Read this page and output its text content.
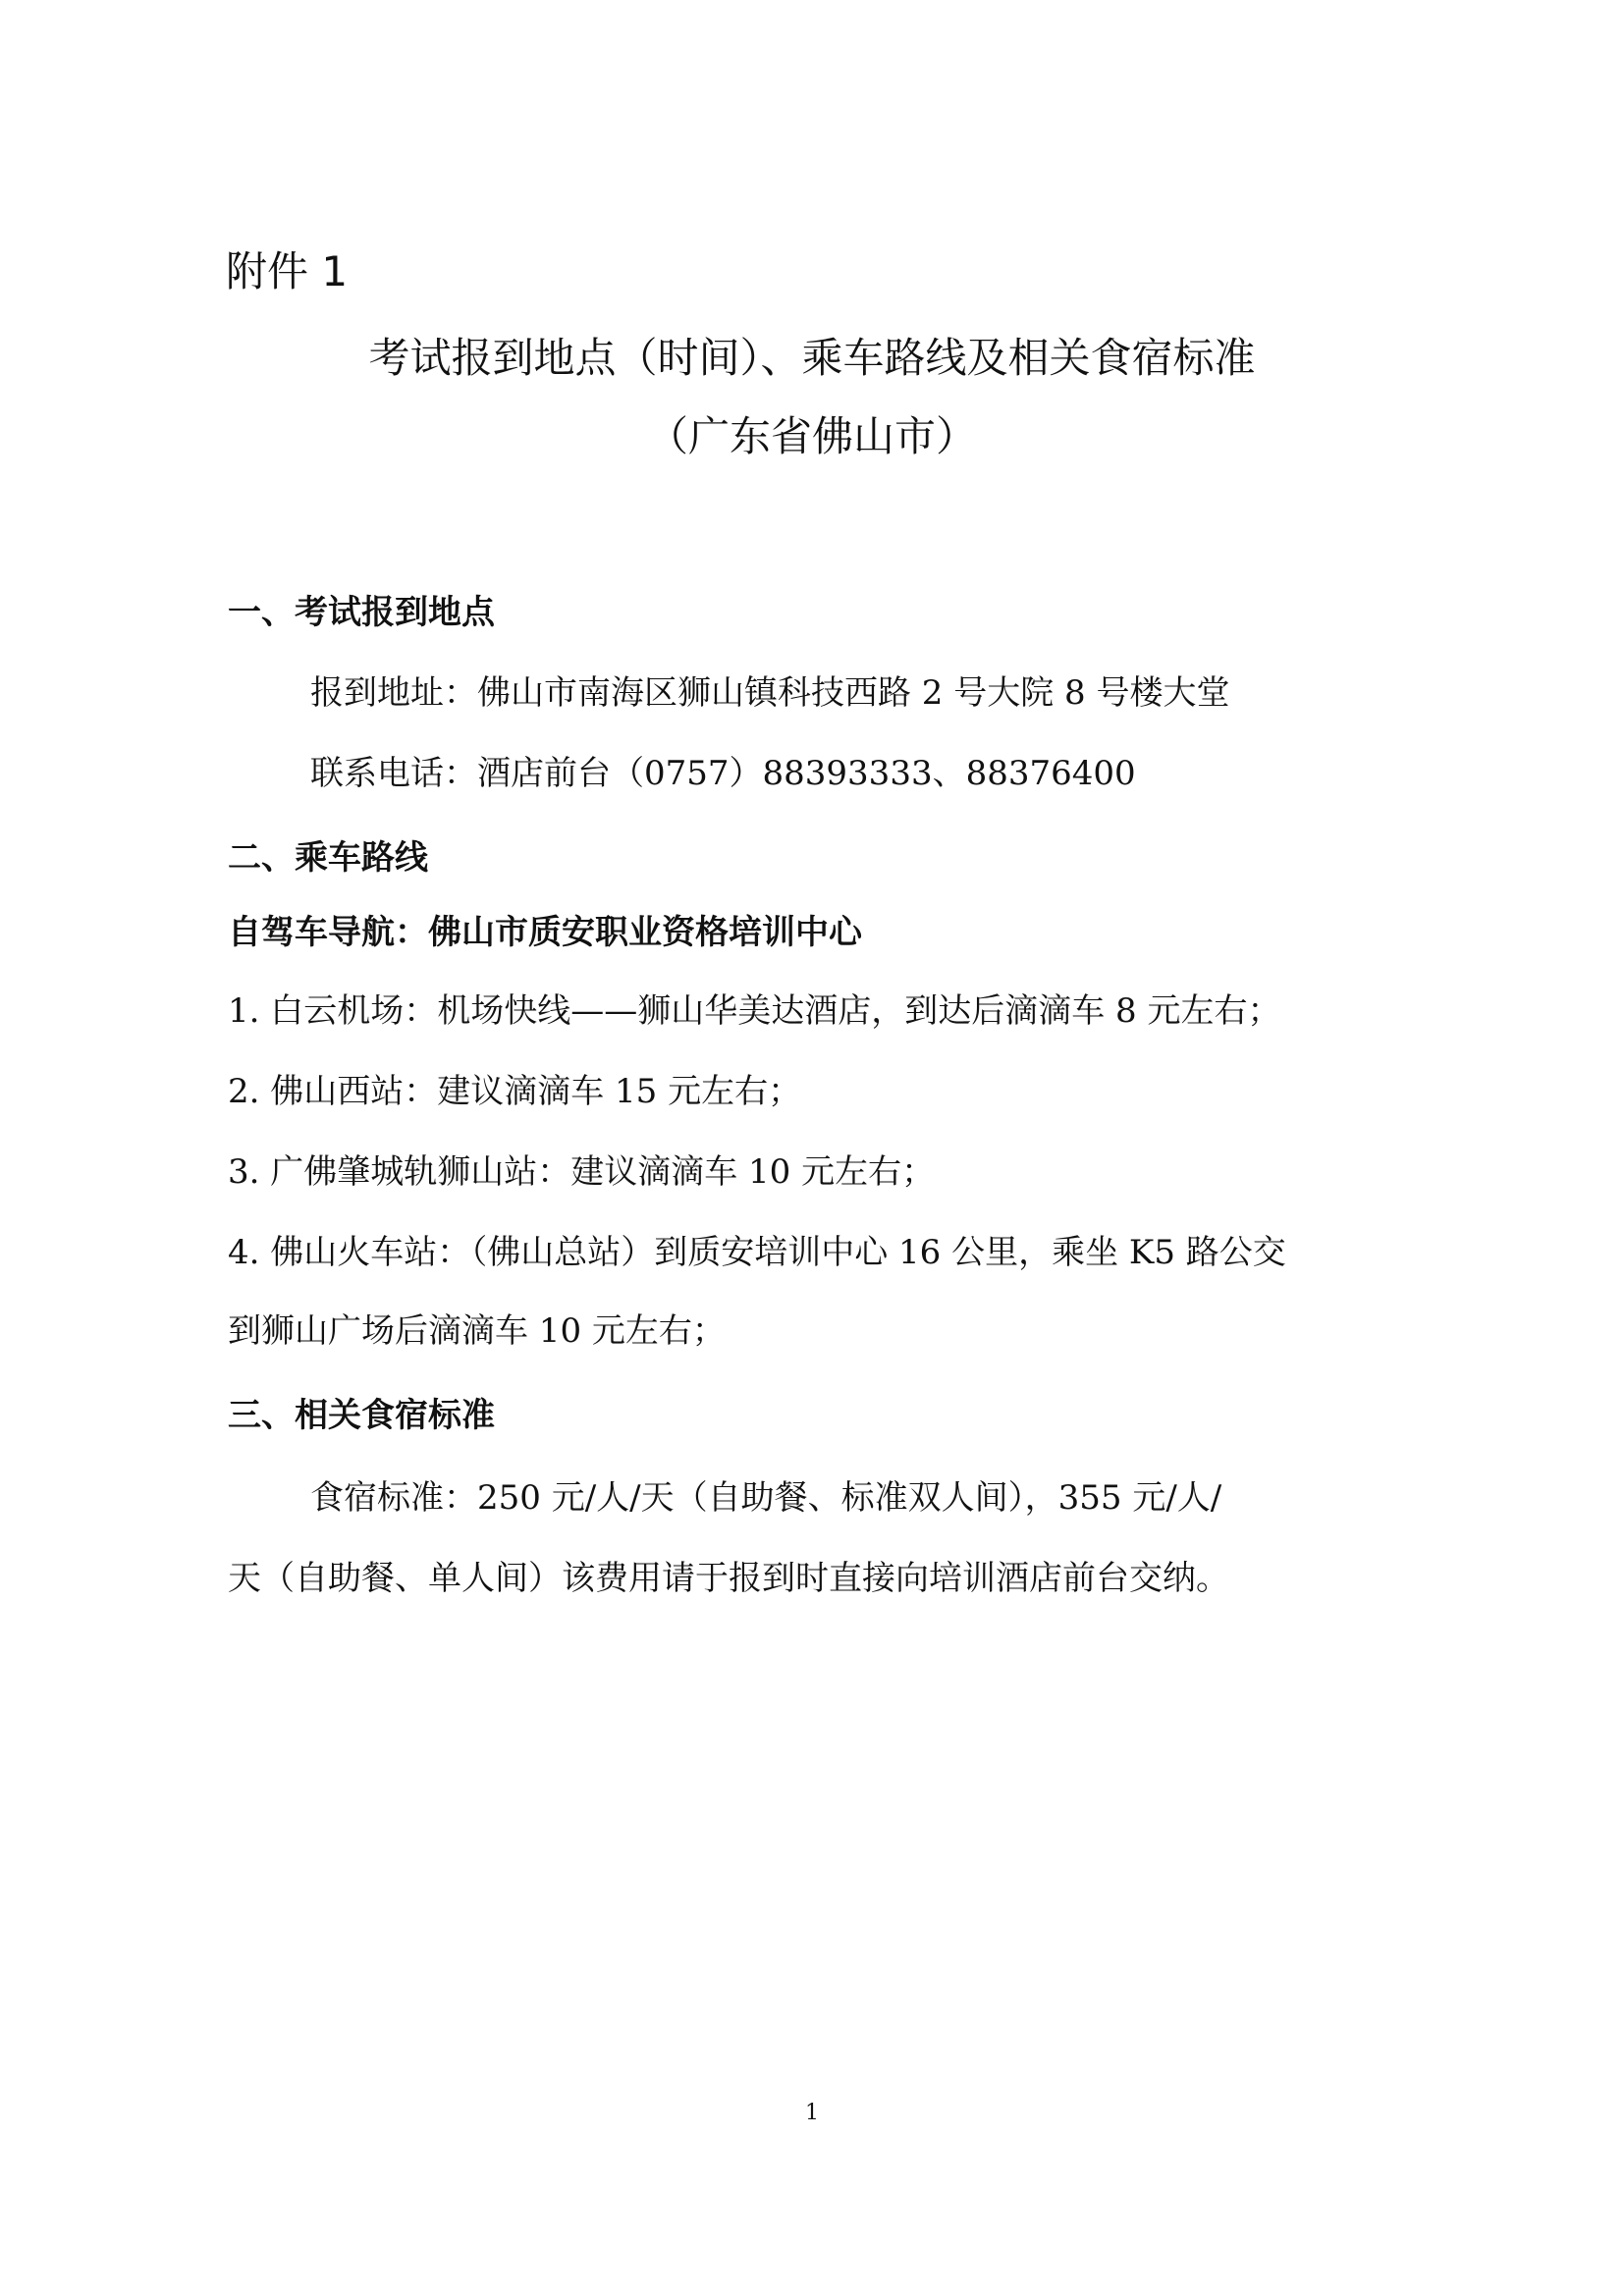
附件 1
考试报到地点（时间）、乘车路线及相关食宿标准
（广东省佛山市）
一、考试报到地点
报到地址：佛山市南海区狮山镇科技西路 2 号大院 8 号楼大堂
联系电话：酒店前台（0757）88393333、88376400
二、乘车路线
自驾车导航：佛山市质安职业资格培训中心
1. 白云机场：机场快线——狮山华美达酒店，到达后滴滴车 8 元左右；
2. 佛山西站：建议滴滴车 15 元左右；
3. 广佛肇城轨狮山站：建议滴滴车 10 元左右；
4. 佛山火车站：（佛山总站）到质安培训中心 16 公里，乘坐 K5 路公交
到狮山广场后滴滴车 10 元左右；
三、相关食宿标准
食宿标准：250 元/人/天（自助餐、标准双人间），355 元/人/
天（自助餐、单人间）该费用请于报到时直接向培训酒店前台交纳。
1
